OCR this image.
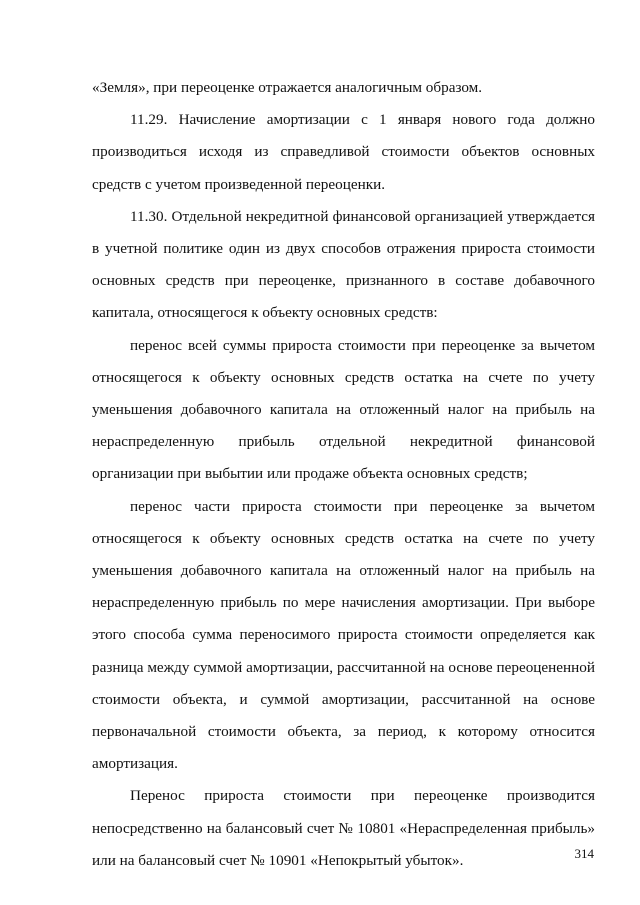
«Земля», при переоценке отражается аналогичным образом.

11.29. Начисление амортизации с 1 января нового года должно производиться исходя из справедливой стоимости объектов основных средств с учетом произведенной переоценки.

11.30. Отдельной некредитной финансовой организацией утверждается в учетной политике один из двух способов отражения прироста стоимости основных средств при переоценке, признанного в составе добавочного капитала, относящегося к объекту основных средств:

перенос всей суммы прироста стоимости при переоценке за вычетом относящегося к объекту основных средств остатка на счете по учету уменьшения добавочного капитала на отложенный налог на прибыль на нераспределенную прибыль отдельной некредитной финансовой организации при выбытии или продаже объекта основных средств;

перенос части прироста стоимости при переоценке за вычетом относящегося к объекту основных средств остатка на счете по учету уменьшения добавочного капитала на отложенный налог на прибыль на нераспределенную прибыль по мере начисления амортизации. При выборе этого способа сумма переносимого прироста стоимости определяется как разница между суммой амортизации, рассчитанной на основе переоцененной стоимости объекта, и суммой амортизации, рассчитанной на основе первоначальной стоимости объекта, за период, к которому относится амортизация.

Перенос прироста стоимости при переоценке производится непосредственно на балансовый счет № 10801 «Нераспределенная прибыль» или на балансовый счет № 10901 «Непокрытый убыток».	314
